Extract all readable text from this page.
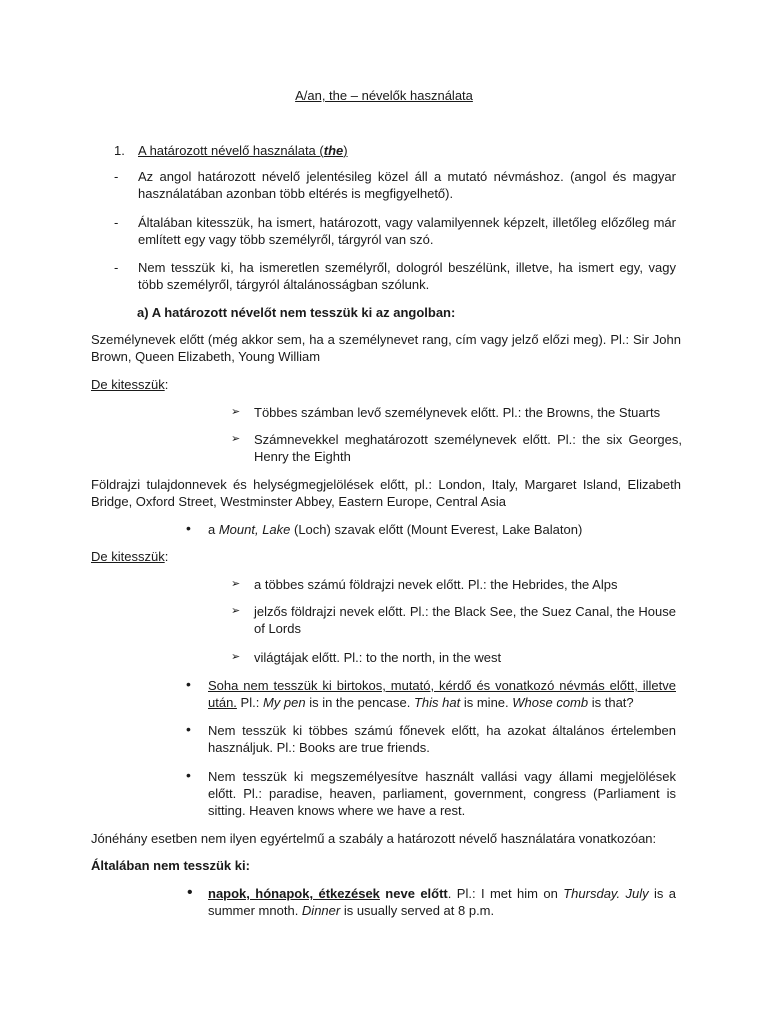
A/an, the – névelők használata
1. A határozott névelő használata (the)
- Az angol határozott névelő jelentésileg közel áll a mutató névmáshoz. (angol és magyar használatában azonban több eltérés is megfigyelhető).
- Általában kitesszük, ha ismert, határozott, vagy valamilyennek képzelt, illetőleg előzőleg már említett egy vagy több személyről, tárgyról van szó.
- Nem tesszük ki, ha ismeretlen személyről, dologról beszélünk, illetve, ha ismert egy, vagy több személyről, tárgyról általánosságban szólunk.
a) A határozott névelőt nem tesszük ki az angolban:
Személynevek előtt (még akkor sem, ha a személynevet rang, cím vagy jelző előzi meg). Pl.: Sir John Brown, Queen Elizabeth, Young William
De kitesszük:
➢ Többes számban levő személynevek előtt. Pl.: the Browns, the Stuarts
➢ Számnevekkel meghatározott személynevek előtt. Pl.: the six Georges, Henry the Eighth
Földrajzi tulajdonnevek és helységmegjelölések előtt, pl.: London, Italy, Margaret Island, Elizabeth Bridge, Oxford Street, Westminster Abbey, Eastern Europe, Central Asia
• a Mount, Lake (Loch) szavak előtt (Mount Everest, Lake Balaton)
De kitesszük:
➢ a többes számú földrajzi nevek előtt. Pl.: the Hebrides, the Alps
➢ jelzős földrajzi nevek előtt. Pl.: the Black See, the Suez Canal, the House of Lords
➢ világtájak előtt. Pl.: to the north, in the west
• Soha nem tesszük ki birtokos, mutató, kérdő és vonatkozó névmás előtt, illetve után. Pl.: My pen is in the pencase. This hat is mine. Whose comb is that?
• Nem tesszük ki többes számú főnevek előtt, ha azokat általános értelemben használjuk. Pl.: Books are true friends.
• Nem tesszük ki megszemélyesítve használt vallási vagy állami megjelölések előtt. Pl.: paradise, heaven, parliament, government, congress (Parliament is sitting. Heaven knows where we have a rest.
Jónéhány esetben nem ilyen egyértelmű a szabály a határozott névelő használatára vonatkozóan:
Általában nem tesszük ki:
• napok, hónapok, étkezések neve előtt. Pl.: I met him on Thursday. July is a summer mnoth. Dinner is usually served at 8 p.m.
